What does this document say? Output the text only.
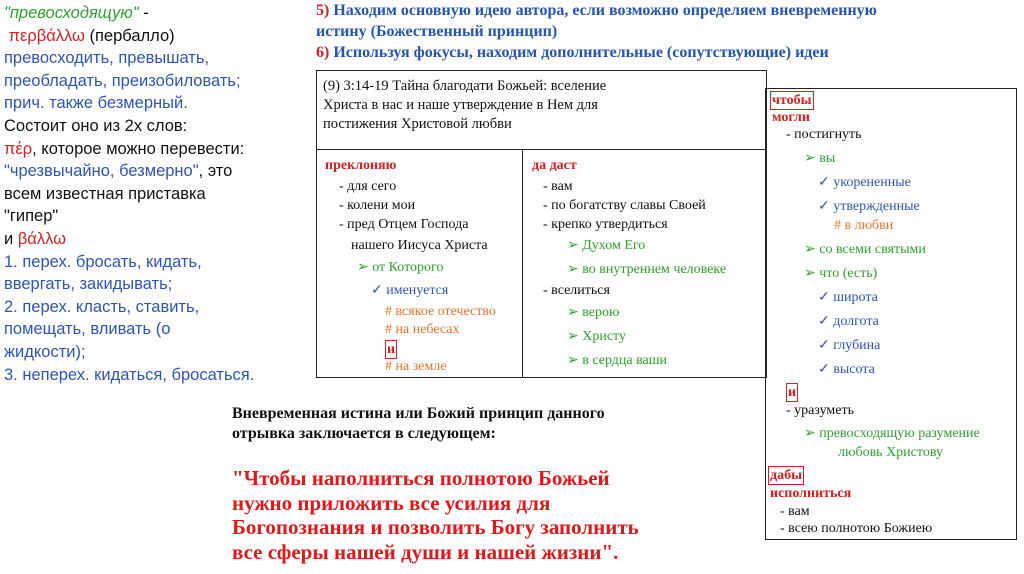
"превосходящую" -
περβάλλω (пербалло)
превосходить, превышать,
преобладать, преизобиловать;
прич. также безмерный.
Состоит оно из 2х слов:
πέρ, которое можно перевести:
"чрезвычайно, безмерно", это
всем известная приставка
"гипер"
и βάλλω
1. перех. бросать, кидать,
ввергать, закидывать;
2. перех. класть, ставить,
помещать, вливать (о
жидкости);
3. неперех. кидаться, бросаться.
5) Находим основную идею автора, если возможно определяем вневременную
истину (Божественный принцип)
6) Используя фокусы, находим дополнительные (сопутствующие) идеи
(9) 3:14-19 Тайна благодати Божьей: вселение
Христа в нас и наше утверждение в Нем для
постижения Христовой любви
преклоняю
- для сего
- колени мои
- пред Отцем Господа
нашего Иисуса Христа
➢ от Которого
✓ именуется
# всякое отечество
# на небесах
и
# на земле
да даст
- вам
- по богатству славы Своей
- крепко утвердиться
➢ Духом Его
➢ во внутреннем человеке
- вселиться
➢ верою
➢ Христу
➢ в сердца ваши
чтобы
могли
- постигнуть
➢ вы
✓ укорененные
✓ утвержденные
# в любви
➢ со всеми святыми
➢ что (есть)
✓ широта
✓ долгота
✓ глубина
✓ высота
и
- уразуметь
➢ превосходящую разумение
любовь Христову
дабы
исполниться
- вам
- всею полнотою Божиею
Вневременная истина или Божий принцип данного
отрывка заключается в следующем:
"Чтобы наполниться полнотою Божьей
нужно приложить все усилия для
Богопознания и позволить Богу заполнить
все сферы нашей души и нашей жизни".
